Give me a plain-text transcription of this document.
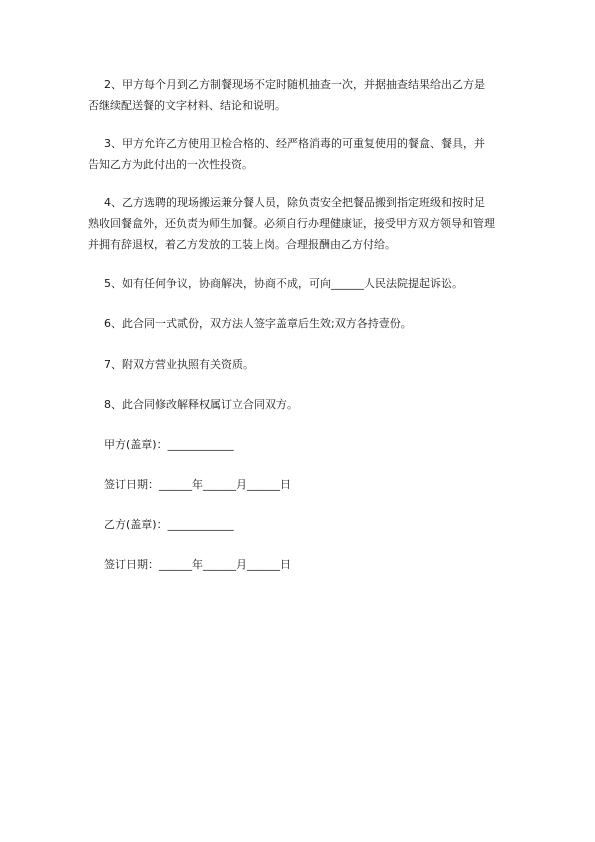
2、甲方每个月到乙方制餐现场不定时随机抽查一次，并据抽查结果给出乙方是
否继续配送餐的文字材料、结论和说明。
3、甲方允许乙方使用卫检合格的、经严格消毒的可重复使用的餐盒、餐具，并
告知乙方为此付出的一次性投资。
4、乙方选聘的现场搬运兼分餐人员，除负责安全把餐品搬到指定班级和按时足
熟收回餐盒外，还负责为师生加餐。必须自行办理健康证，接受甲方双方领导和管理
并拥有辞退权，着乙方发放的工装上岗。合理报酬由乙方付给。
5、如有任何争议，协商解决，协商不成，可向______人民法院提起诉讼。
6、此合同一式贰份，双方法人签字盖章后生效;双方各持壹份。
7、附双方营业执照有关资质。
8、此合同修改解释权属订立合同双方。

甲方(盖章)：____________

签订日期：______年______月______日

乙方(盖章)：____________

签订日期：______年______月______日
